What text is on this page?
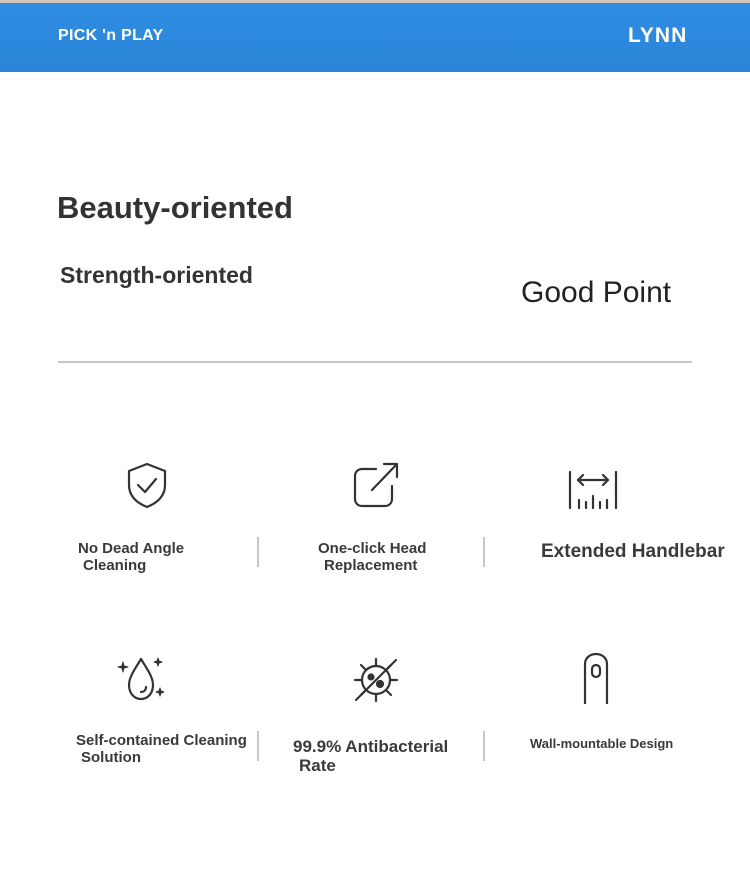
PICK 'n PLAY	LYNN
Beauty-oriented
Strength-oriented
Good Point
No Dead Angle
Cleaning
One-click Head
Replacement
Extended Handlebar
Self-contained Cleaning
Solution
99.9% Antibacterial
Rate
Wall-mountable Design
